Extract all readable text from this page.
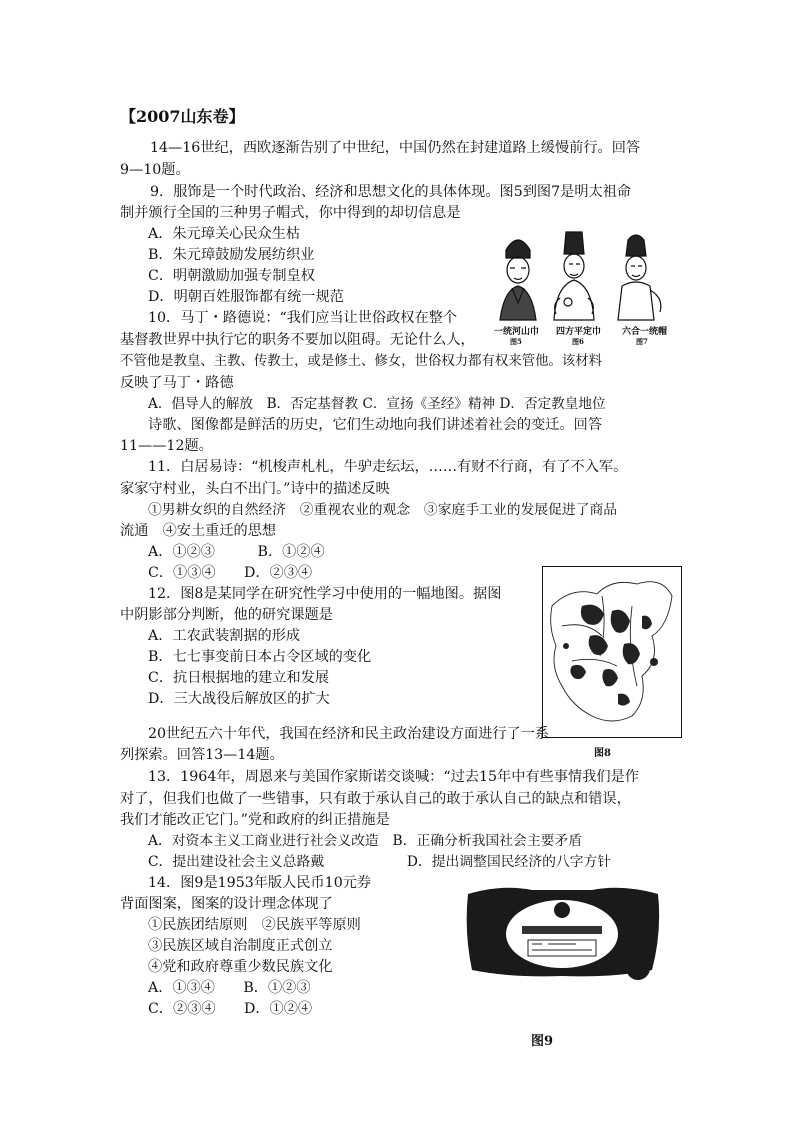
【2007山东卷】
14—16世纪，西欧逐渐告别了中世纪，中国仍然在封建道路上缓慢前行。回答
9—10题。
9．服饰是一个时代政治、经济和思想文化的具体体现。图5到图7是明太祖命
制并颁行全国的三种男子帽式，你中得到的却切信息是
A．朱元璋关心民众生枯
B．朱元璋鼓励发展纺织业
C．明朝激励加强专制皇权
D．明朝百姓服饰都有统一规范
10．马丁・路德说：“我们应当让世俗政权在整个
基督教世界中执行它的职务不要加以阻碍。无论什么人，
不管他是教皇、主教、传教士，或是修土、修女，世俗权力都有权来管他。该材料
反映了马丁・路德
A．倡导人的解放　B．否定基督教 C．宣扬《圣经》精神 D．否定教皇地位
诗歌、图像都是鲜活的历史，它们生动地向我们讲述着社会的变迁。回答
11——12题。
11．白居易诗：“机梭声札札，牛驴走纭坛，……有财不行商，有了不入军。
家家守村业，头白不出门。”诗中的描述反映
①男耕女织的自然经济　②重视农业的观念　③家庭手工业的发展促进了商品
流通　④安土重迁的思想
A．①②③　　　B．①②④
C．①③④　　D．②③④
12．图8是某同学在研究性学习中使用的一幅地图。据图
中阴影部分判断，他的研究课题是
A．工农武装割据的形成
B．七七事变前日本占令区域的变化
C．抗日根据地的建立和发展
D．三大战役后解放区的扩大
20世纪五六十年代，我国在经济和民主政治建设方面进行了一系
列探索。回答13—14题。
13．1964年，周恩来与美国作家斯诺交谈喊：“过去15年中有些事情我们是作
对了，但我们也做了一些错事，只有敢于承认自己的敢于承认自己的缺点和错误，
我们才能改正它门。”党和政府的纠正措施是
A．对资本主义工商业进行社会义改造　B．正确分析我国社会主要矛盾
C．提出建设社会主义总路戴　　　　　　D．提出调整国民经济的八字方针
14．图9是1953年版人民币10元券
背面图案，图案的设计理念体现了
①民族团结原则　②民族平等原则
③民族区域自治制度正式创立
④党和政府尊重少数民族文化
A．①③④　　B．①②③
C．②③④　　D．①②④
一统河山巾 四方平定巾 六合一统帽
图5	图6	图7
图8
图9
